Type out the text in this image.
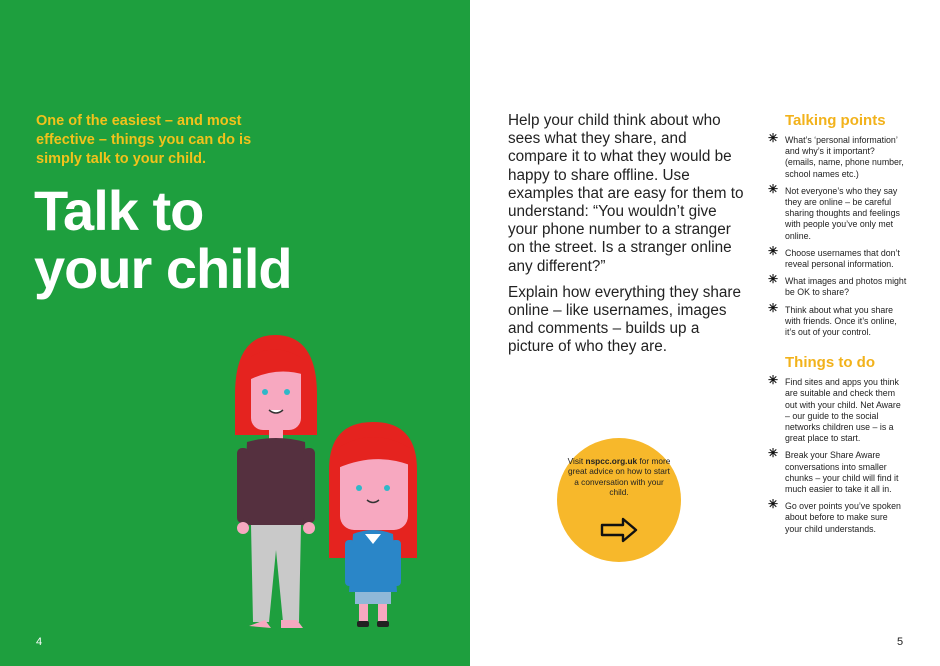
One of the easiest – and most effective – things you can do is simply talk to your child.
Talk to
your child
4

Help your child think about who sees what they share, and compare it to what they would be happy to share offline. Use examples that are easy for them to understand: “You wouldn’t give your phone number to a stranger on the street. Is a stranger online any different?”

Explain how everything they share online – like usernames, images and comments – builds up a picture of who they are.

Visit nspcc.org.uk for more great advice on how to start a conversation with your child.
Talking points
✳ What’s ‘personal information’ and why’s it important? (emails, name, phone number, school names etc.)
✳ Not everyone’s who they say they are online – be careful sharing thoughts and feelings with people you’ve only met online.
✳ Choose usernames that don’t reveal personal information.
✳ What images and photos might be OK to share?
✳ Think about what you share with friends. Once it’s online, it’s out of your control.
Things to do
✳ Find sites and apps you think are suitable and check them out with your child. Net Aware – our guide to the social networks children use – is a great place to start.
✳ Break your Share Aware conversations into smaller chunks – your child will find it much easier to take it all in.
✳ Go over points you’ve spoken about before to make sure your child understands.
5
